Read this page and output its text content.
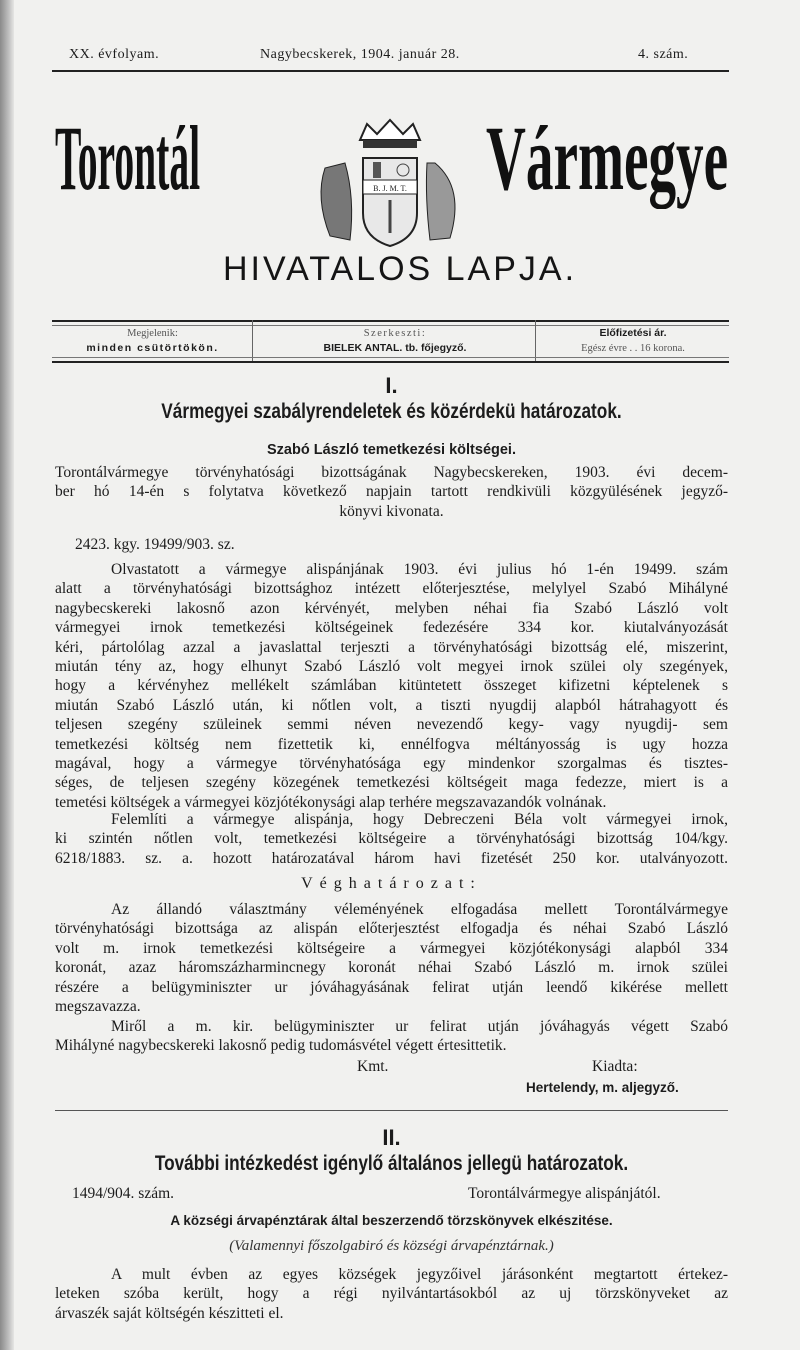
XX. évfolyam.	Nagybecskerek, 1904. január 28.	4. szám.
Torontál	Vármegye
B. J. M. T.
HIVATALOS LAPJA.
Megjelenik:
minden csütörtökön.
Szerkeszti:
BIELEK ANTAL. tb. főjegyző.
Előfizetési ár.
Egész évre . . 16 korona.
I.
Vármegyei szabályrendeletek és közérdekü határozatok.
Szabó László temetkezési költségei.
Torontálvármegye törvényhatósági bizottságának Nagybecskereken, 1903. évi decem-
ber hó 14-én s folytatva következő napjain tartott rendkivüli közgyülésének jegyző-
könyvi kivonata.
2423. kgy. 19499/903. sz.
Olvastatott a vármegye alispánjának 1903. évi julius hó 1-én 19499. szám
alatt a törvényhatósági bizottsághoz intézett előterjesztése, melylyel Szabó Mihályné
nagybecskereki lakosnő azon kérvényét, melyben néhai fia Szabó László volt
vármegyei irnok temetkezési költségeinek fedezésére 334 kor. kiutalványozását
kéri, pártolólag azzal a javaslattal terjeszti a törvényhatósági bizottság elé, miszerint,
miután tény az, hogy elhunyt Szabó László volt megyei irnok szülei oly szegények,
hogy a kérvényhez mellékelt számlában kitüntetett összeget kifizetni képtelenek s
miután Szabó László után, ki nőtlen volt, a tiszti nyugdij alapból hátrahagyott és
teljesen szegény szüleinek semmi néven nevezendő kegy- vagy nyugdij- sem
temetkezési költség nem fizettetik ki, ennélfogva méltányosság is ugy hozza
magával, hogy a vármegye törvényhatósága egy mindenkor szorgalmas és tisztes-
séges, de teljesen szegény közegének temetkezési költségeit maga fedezze, miert is a
temetési költségek a vármegyei közjótékonysági alap terhére megszavazandók volnának.
Felemlíti a vármegye alispánja, hogy Debreczeni Béla volt vármegyei irnok,
ki szintén nőtlen volt, temetkezési költségeire a törvényhatósági bizottság 104/kgy.
6218/1883. sz. a. hozott határozatával három havi fizetését 250 kor. utalványozott.
Véghatározat:
Az állandó választmány véleményének elfogadása mellett Torontálvármegye
törvényhatósági bizottsága az alispán előterjesztést elfogadja és néhai Szabó László
volt m. irnok temetkezési költségeire a vármegyei közjótékonysági alapból 334
koronát, azaz háromszázharmincnegy koronát néhai Szabó László m. irnok szülei
részére a belügyminiszter ur jóváhagyásának felirat utján leendő kikérése mellett
megszavazza.
Miről a m. kir. belügyminiszter ur felirat utján jóváhagyás végett Szabó
Mihályné nagybecskereki lakosnő pedig tudomásvétel végett értesittetik.
Kmt.	Kiadta:
Hertelendy, m. aljegyző.
II.
További intézkedést igénylő általános jellegü határozatok.
1494/904. szám.	Torontálvármegye alispánjától.
A községi árvapénztárak által beszerzendő törzskönyvek elkészitése.
(Valamennyi főszolgabiró és községi árvapénztárnak.)
A mult évben az egyes községek jegyzőivel járásonként megtartott értekez-
leteken szóba került, hogy a régi nyilvántartásokból az uj törzskönyveket az
árvaszék saját költségén készitteti el.
